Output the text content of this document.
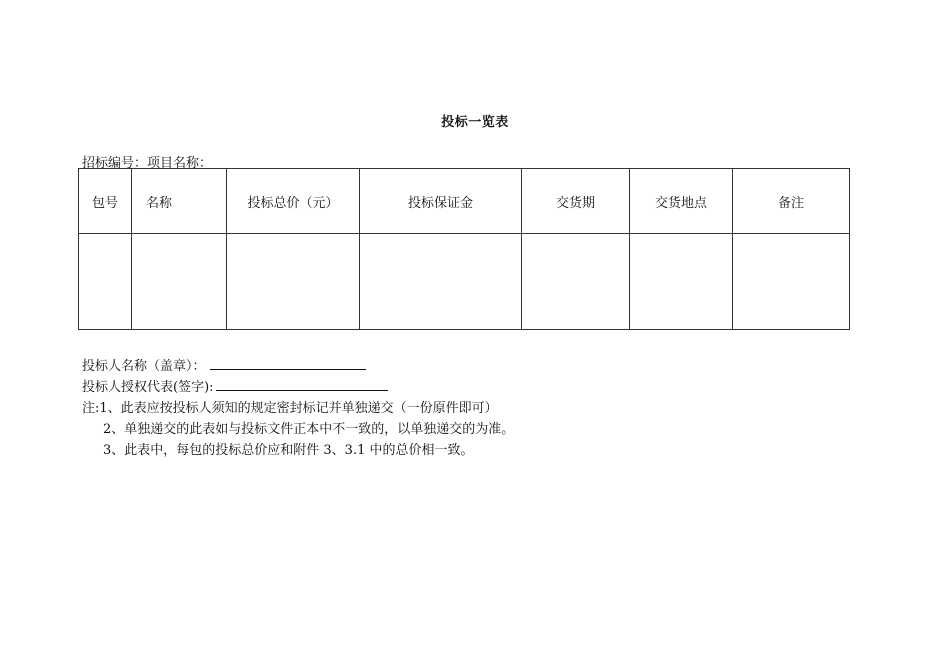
投标一览表
招标编号：项目名称：
包号	名称	投标总价（元）	投标保证金	交货期	交货地点	备注

投标人名称（盖章）：
投标人授权代表(签字):
注:1、此表应按投标人须知的规定密封标记并单独递交（一份原件即可）
2、单独递交的此表如与投标文件正本中不一致的，以单独递交的为准。
3、此表中，每包的投标总价应和附件 3、3.1 中的总价相一致。
